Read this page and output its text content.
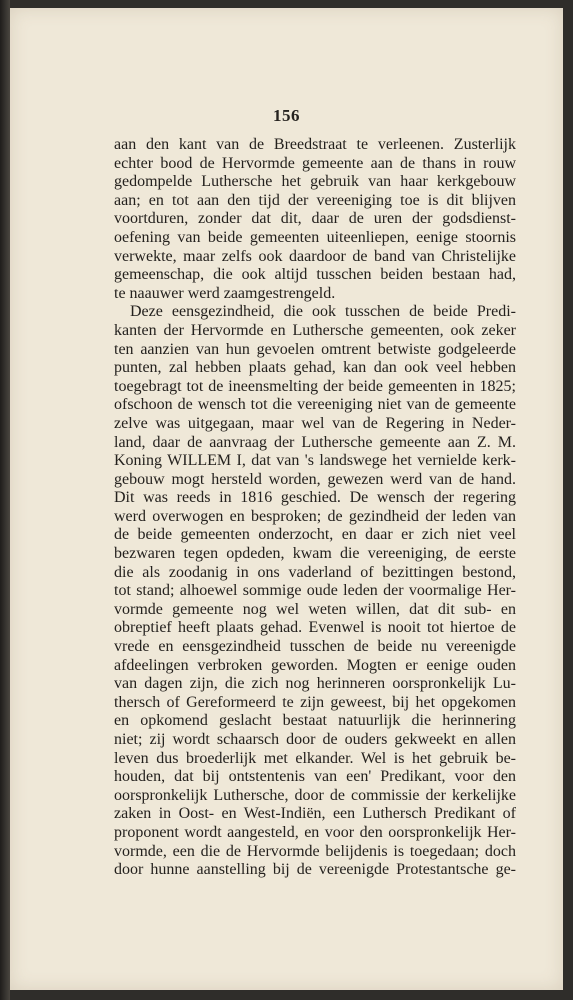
156
aan den kant van de Breedstraat te verleenen. Zusterlijk
echter bood de Hervormde gemeente aan de thans in rouw
gedompelde Luthersche het gebruik van haar kerkgebouw
aan; en tot aan den tijd der vereeniging toe is dit blijven
voortduren, zonder dat dit, daar de uren der godsdienst-
oefening van beide gemeenten uiteenliepen, eenige stoornis
verwekte, maar zelfs ook daardoor de band van Christelijke
gemeenschap, die ook altijd tusschen beiden bestaan had,
te naauwer werd zaamgestrengeld.
Deze eensgezindheid, die ook tusschen de beide Predi-
kanten der Hervormde en Luthersche gemeenten, ook zeker
ten aanzien van hun gevoelen omtrent betwiste godgeleerde
punten, zal hebben plaats gehad, kan dan ook veel hebben
toegebragt tot de ineensmelting der beide gemeenten in 1825;
ofschoon de wensch tot die vereeniging niet van de gemeente
zelve was uitgegaan, maar wel van de Regering in Neder-
land, daar de aanvraag der Luthersche gemeente aan Z. M.
Koning WILLEM I, dat van 's landswege het vernielde kerk-
gebouw mogt hersteld worden, gewezen werd van de hand.
Dit was reeds in 1816 geschied. De wensch der regering
werd overwogen en besproken; de gezindheid der leden van
de beide gemeenten onderzocht, en daar er zich niet veel
bezwaren tegen opdeden, kwam die vereeniging, de eerste
die als zoodanig in ons vaderland of bezittingen bestond,
tot stand; alhoewel sommige oude leden der voormalige Her-
vormde gemeente nog wel weten willen, dat dit sub- en
obreptief heeft plaats gehad. Evenwel is nooit tot hiertoe de
vrede en eensgezindheid tusschen de beide nu vereenigde
afdeelingen verbroken geworden. Mogten er eenige ouden
van dagen zijn, die zich nog herinneren oorspronkelijk Lu-
thersch of Gereformeerd te zijn geweest, bij het opgekomen
en opkomend geslacht bestaat natuurlijk die herinnering
niet; zij wordt schaarsch door de ouders gekweekt en allen
leven dus broederlijk met elkander. Wel is het gebruik be-
houden, dat bij ontstentenis van een' Predikant, voor den
oorspronkelijk Luthersche, door de commissie der kerkelijke
zaken in Oost- en West-Indiën, een Luthersch Predikant of
proponent wordt aangesteld, en voor den oorspronkelijk Her-
vormde, een die de Hervormde belijdenis is toegedaan; doch
door hunne aanstelling bij de vereenigde Protestantsche ge-
